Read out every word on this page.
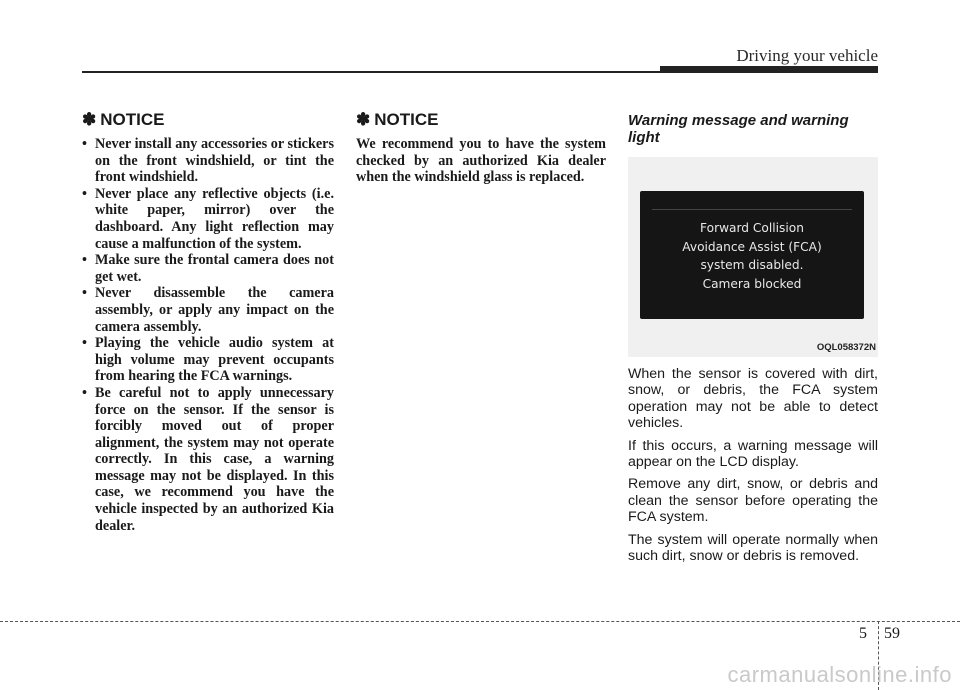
Driving your vehicle
✽ NOTICE
• Never install any accessories or stickers on the front windshield, or tint the front windshield.
• Never place any reflective objects (i.e. white paper, mirror) over the dashboard. Any light reflection may cause a malfunction of the system.
• Make sure the frontal camera does not get wet.
• Never disassemble the camera assembly, or apply any impact on the camera assembly.
• Playing the vehicle audio system at high volume may prevent occupants from hearing the FCA warnings.
• Be careful not to apply unnecessary force on the sensor. If the sensor is forcibly moved out of proper alignment, the system may not operate correctly. In this case, a warning message may not be displayed. In this case, we recommend you have the vehicle inspected by an authorized Kia dealer.
✽ NOTICE

We recommend you to have the system checked by an authorized Kia dealer when the windshield glass is replaced.

Warning message and warning light
Forward Collision
Avoidance Assist (FCA)
system disabled.
Camera blocked
OQL058372N

When the sensor is covered with dirt, snow, or debris, the FCA system operation may not be able to detect vehicles.

If this occurs, a warning message will appear on the LCD display.

Remove any dirt, snow, or debris and clean the sensor before operating the FCA system.

The system will operate normally when such dirt, snow or debris is removed.

5 59
carmanualsonline.info
